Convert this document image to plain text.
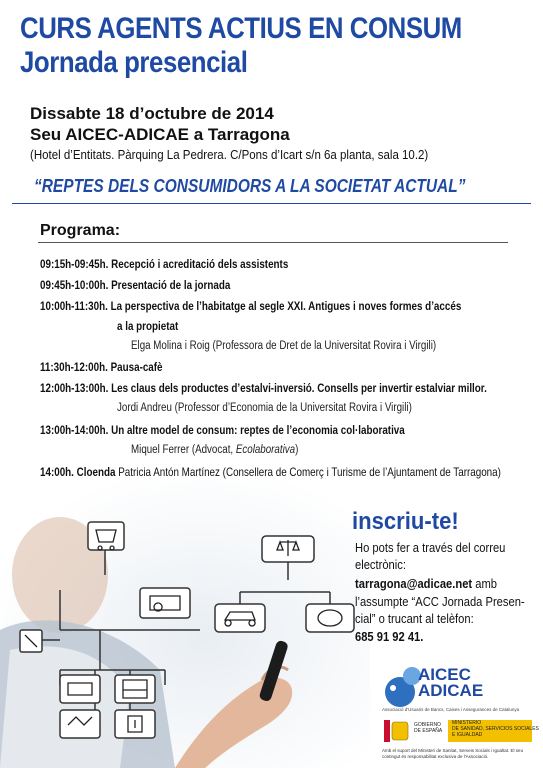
CURS AGENTS ACTIUS EN CONSUM
Jornada presencial
Dissabte 18 d’octubre de 2014
Seu AICEC-ADICAE a Tarragona
(Hotel d’Entitats. Pàrquing La Pedrera. C/Pons d’Icart s/n 6a planta, sala 10.2)
“REPTES DELS CONSUMIDORS A LA SOCIETAT ACTUAL”
Programa:
09:15h-09:45h. Recepció i acreditació dels assistents
09:45h-10:00h. Presentació de la jornada
10:00h-11:30h. La perspectiva de l’habitatge al segle XXI. Antigues i noves formes d’accés
a la propietat
Elga Molina i Roig (Professora de Dret de la Universitat Rovira i Virgili)
11:30h-12:00h. Pausa-cafè
12:00h-13:00h. Les claus dels productes d’estalvi-inversió. Consells per invertir estalviar millor.
Jordi Andreu (Professor d’Economia de la Universitat Rovira i Virgili)
13:00h-14:00h. Un altre model de consum: reptes de l’economia col·laborativa
Miquel Ferrer (Advocat, Ecolaborativa)
14:00h. Cloenda Patricia Antón Martínez (Consellera de Comerç i Turisme de l’Ajuntament de Tarragona)
inscriu-te!
Ho pots fer a través del correu
electrònic:
tarragona@adicae.net amb
l’assumpte “ACC Jornada Presen-
cial” o trucant al telèfon:
685 91 92 41.
AICEC
ADICAE
Associació d'Usuaris de Bancs, Caixes i Assegurances de Catalunya
GOBIERNO
DE ESPAÑA
MINISTERIO
DE SANIDAD, SERVICIOS SOCIALES
E IGUALDAD
Amb el suport del Ministeri de Sanitat, Serveis Socials i Igualtat. El seu
contingut és responsabilitat exclusiva de l'Associació.
